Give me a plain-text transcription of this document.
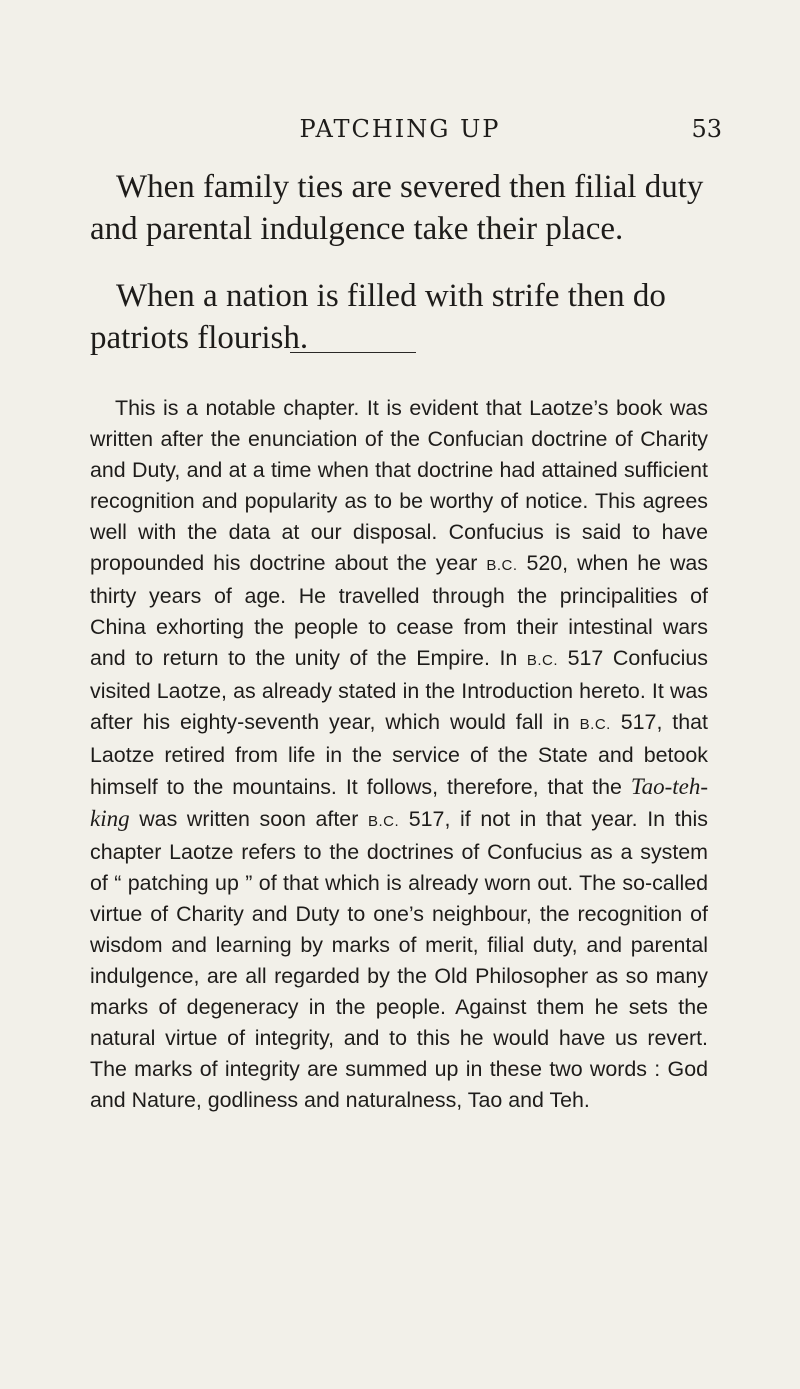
PATCHING UP	53

When family ties are severed then filial duty and parental indulgence take their place.

When a nation is filled with strife then do patriots flourish.

This is a notable chapter. It is evident that Laotze’s book was written after the enunciation of the Confucian doctrine of Charity and Duty, and at a time when that doctrine had attained sufficient recognition and popularity as to be worthy of notice. This agrees well with the data at our disposal. Confucius is said to have propounded his doctrine about the year B.C. 520, when he was thirty years of age. He travelled through the principalities of China exhorting the people to cease from their intestinal wars and to return to the unity of the Empire. In B.C. 517 Confucius visited Laotze, as already stated in the Introduction hereto. It was after his eighty-seventh year, which would fall in B.C. 517, that Laotze retired from life in the service of the State and betook himself to the mountains. It follows, therefore, that the Tao-teh-king was written soon after B.C. 517, if not in that year. In this chapter Laotze refers to the doctrines of Confucius as a system of “ patching up ” of that which is already worn out. The so-called virtue of Charity and Duty to one’s neighbour, the recognition of wisdom and learning by marks of merit, filial duty, and parental indulgence, are all regarded by the Old Philosopher as so many marks of degeneracy in the people. Against them he sets the natural virtue of integrity, and to this he would have us revert. The marks of integrity are summed up in these two words : God and Nature, godliness and naturalness, Tao and Teh.
